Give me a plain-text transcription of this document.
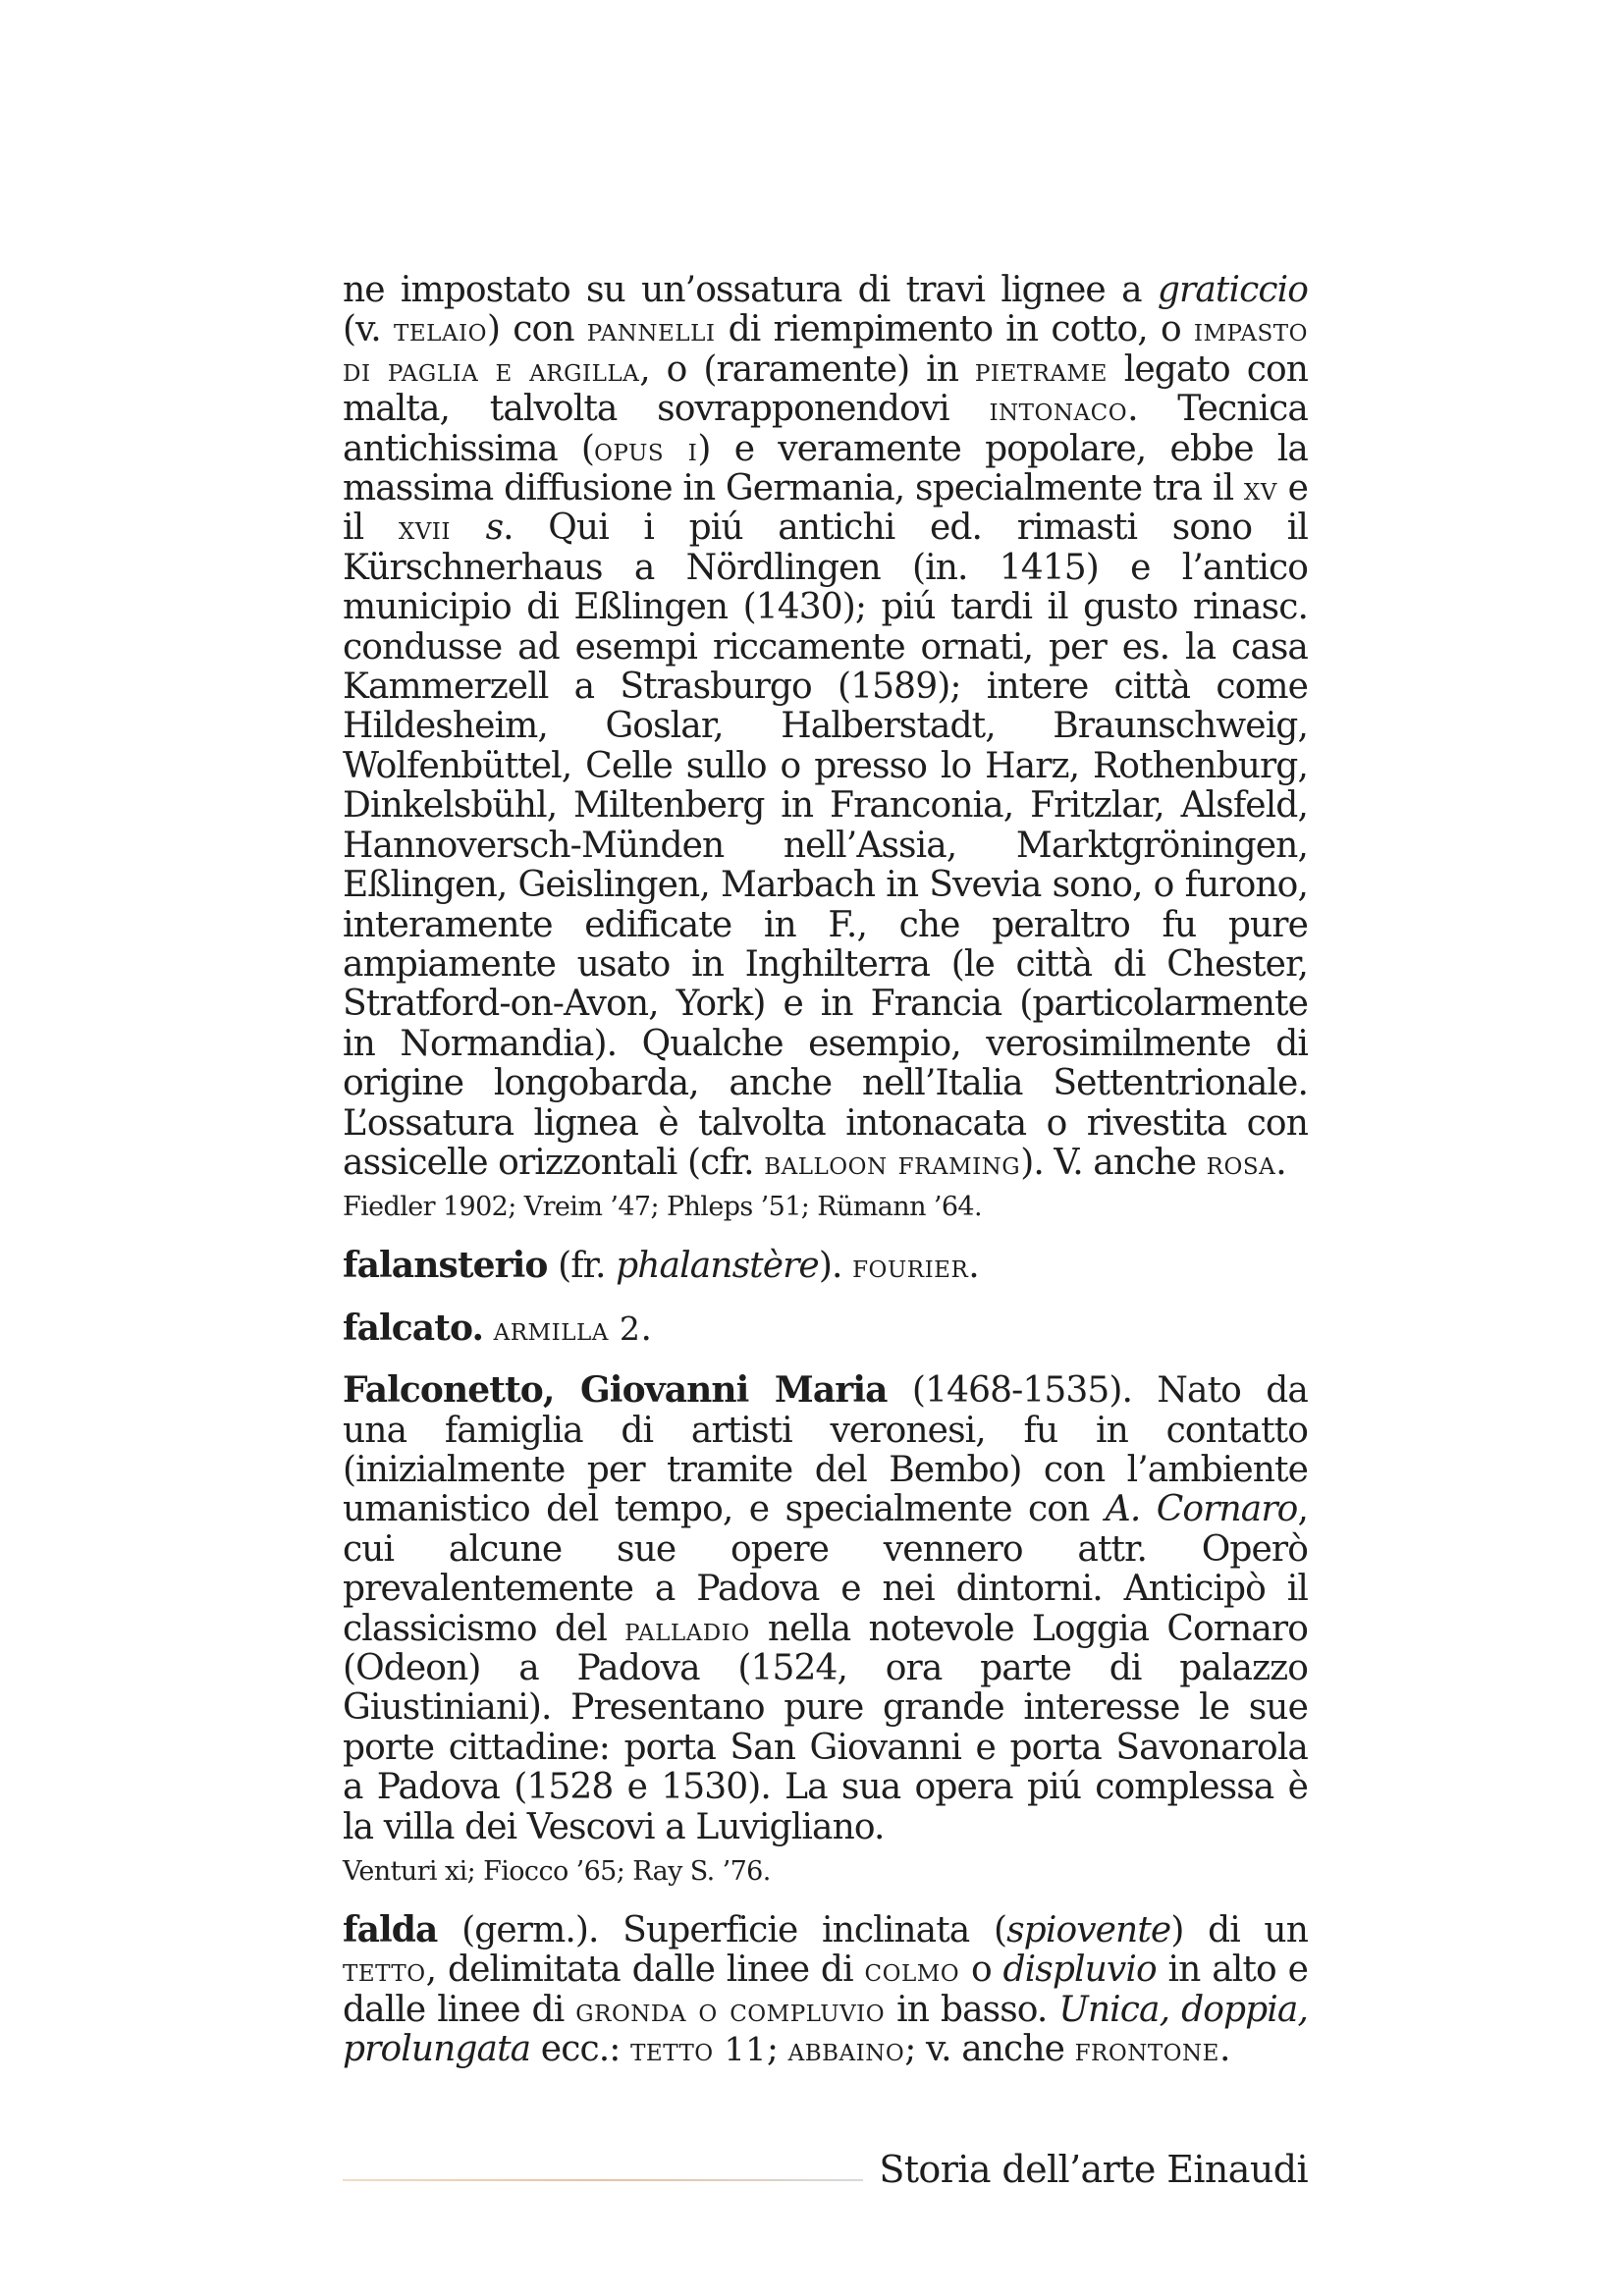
ne impostato su un’ossatura di travi lignee a graticcio (v. telaio) con pannelli di riempimento in cotto, o impasto di paglia e argilla, o (raramente) in pietrame legato con malta, talvolta sovrapponendovi intonaco. Tecnica antichissima (opus i) e veramente popolare, ebbe la massima diffusione in Germania, specialmente tra il xv e il xvii s. Qui i piú antichi ed. rimasti sono il Kürschnerhaus a Nördlingen (in. 1415) e l’antico municipio di Eßlingen (1430); piú tardi il gusto rinasc. condusse ad esempi riccamente ornati, per es. la casa Kammerzell a Strasburgo (1589); intere città come Hildesheim, Goslar, Halberstadt, Braunschweig, Wolfenbüttel, Celle sullo o presso lo Harz, Rothenburg, Dinkelsbühl, Miltenberg in Franconia, Fritzlar, Alsfeld, Hannoversch-Münden nell’Assia, Marktgröningen, Eßlingen, Geislingen, Marbach in Svevia sono, o furono, interamente edificate in F., che peraltro fu pure ampiamente usato in Inghilterra (le città di Chester, Stratford-on-Avon, York) e in Francia (particolarmente in Normandia). Qualche esempio, verosimilmente di origine longobarda, anche nell’Italia Settentrionale. L’ossatura lignea è talvolta intonacata o rivestita con assicelle orizzontali (cfr. balloon framing). V. anche rosa.
Fiedler 1902; Vreim ’47; Phleps ’51; Rümann ’64.
falansterio (fr. phalanstère). fourier.
falcato. armilla 2.
Falconetto, Giovanni Maria (1468-1535). Nato da una famiglia di artisti veronesi, fu in contatto (inizialmente per tramite del Bembo) con l’ambiente umanistico del tempo, e specialmente con A. Cornaro, cui alcune sue opere vennero attr. Operò prevalentemente a Padova e nei dintorni. Anticipò il classicismo del palladio nella notevole Loggia Cornaro (Odeon) a Padova (1524, ora parte di palazzo Giustiniani). Presentano pure grande interesse le sue porte cittadine: porta San Giovanni e porta Savonarola a Padova (1528 e 1530). La sua opera piú complessa è la villa dei Vescovi a Luvigliano.
Venturi xi; Fiocco ’65; Ray S. ’76.
falda (germ.). Superficie inclinata (spiovente) di un tetto, delimitata dalle linee di colmo o displuvio in alto e dalle linee di gronda o compluvio in basso. Unica, doppia, prolungata ecc.: tetto 11; abbaino; v. anche frontone.
Storia dell’arte Einaudi
